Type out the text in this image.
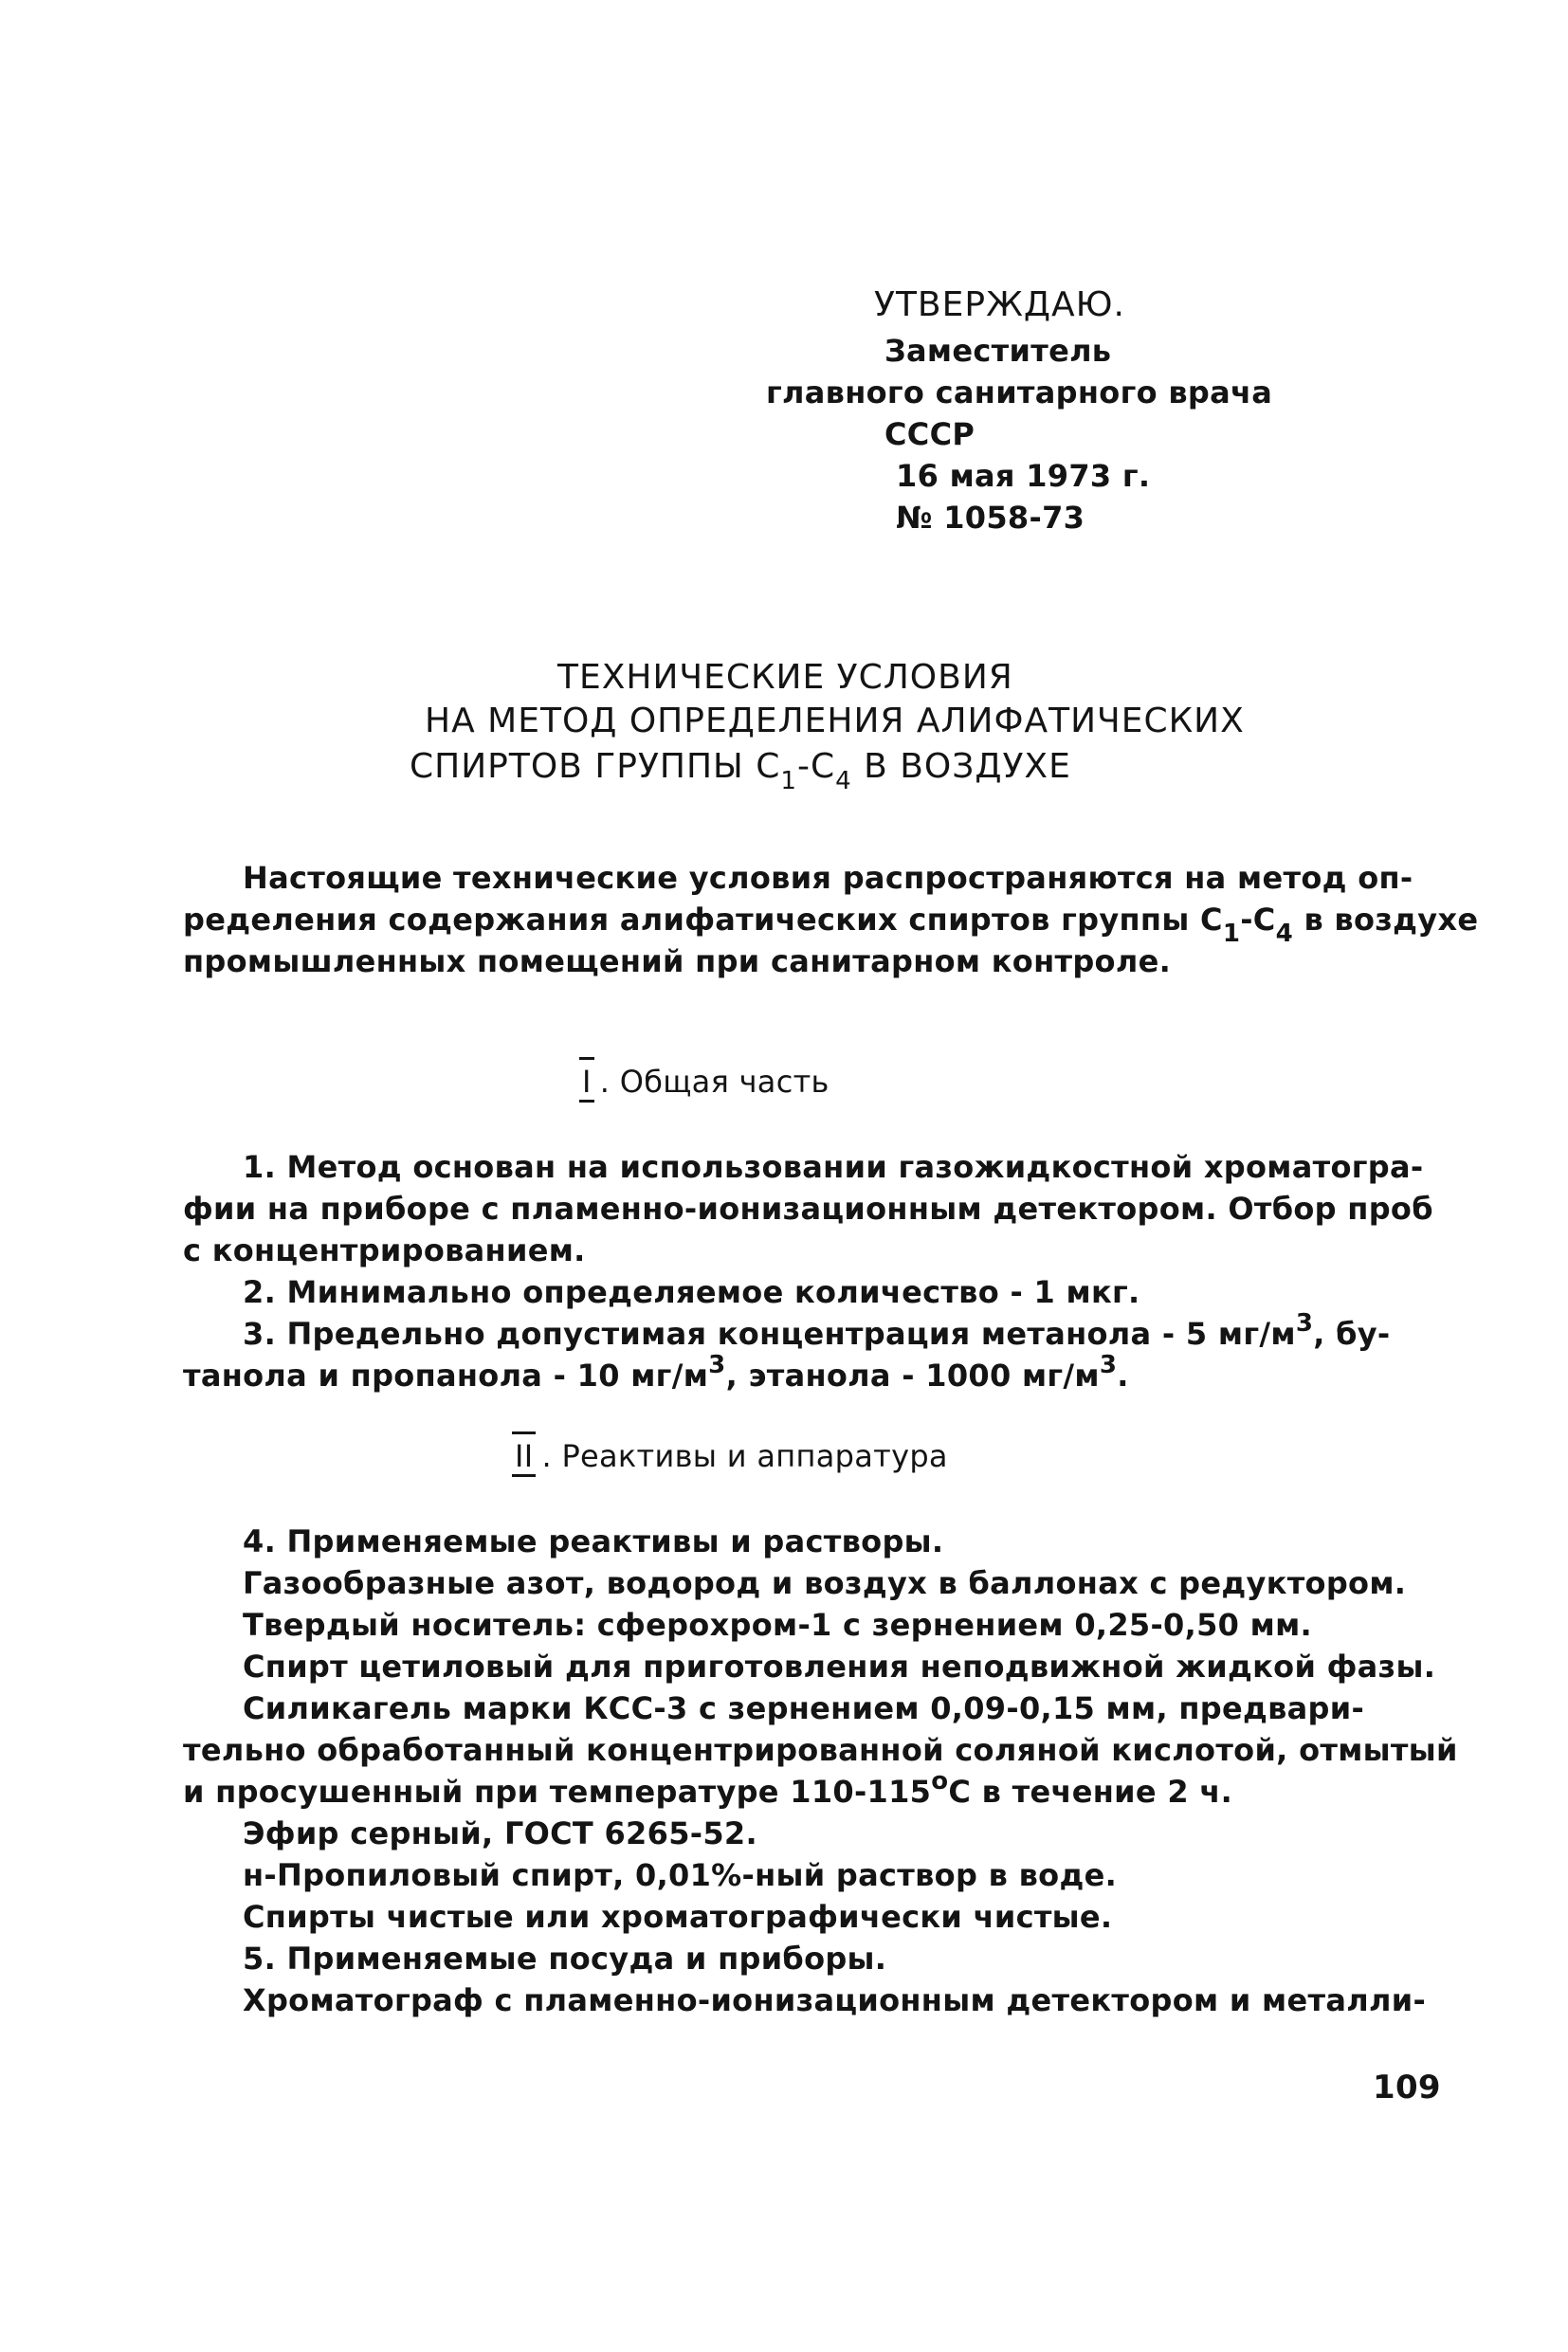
УТВЕРЖДАЮ.
Заместитель
главного санитарного врача
СССР
16 мая 1973 г.
№ 1058-73
ТЕХНИЧЕСКИЕ УСЛОВИЯ
НА МЕТОД ОПРЕДЕЛЕНИЯ АЛИФАТИЧЕСКИХ
СПИРТОВ ГРУППЫ $С_1-С_4$ В ВОЗДУХЕ
Настоящие технические условия распространяются на метод оп-
ределения содержания алифатических спиртов группы $С_1-С_4$ в воздухе
промышленных помещений при санитарном контроле.
I . Общая часть
1. Метод основан на использовании газожидкостной хроматогра-
фии на приборе с пламенно-ионизационным детектором. Отбор проб
с концентрированием.
2. Минимально определяемое количество - 1 мкг.
3. Предельно допустимая концентрация метанола - 5 $мг/м^3$, бу-
танола и пропанола - 10 $мг/м^3$, этанола - 1000 $мг/м^3$.
II . Реактивы и аппаратура
4. Применяемые реактивы и растворы.
Газообразные азот, водород и воздух в баллонах с редуктором.
Твердый носитель: сферохром-1 с зернением 0,25-0,50 мм.
Спирт цетиловый для приготовления неподвижной жидкой фазы.
Силикагель марки КСС-3 с зернением 0,09-0,15 мм, предвари-
тельно обработанный концентрированной соляной кислотой, отмытый
и просушенный при температуре $110-115^оС$ в течение 2 ч.
Эфир серный, ГОСТ 6265-52.
н-Пропиловый спирт, 0,01%-ный раствор в воде.
Спирты чистые или хроматографически чистые.
5. Применяемые посуда и приборы.
Хроматограф с пламенно-ионизационным детектором и металли-
109
